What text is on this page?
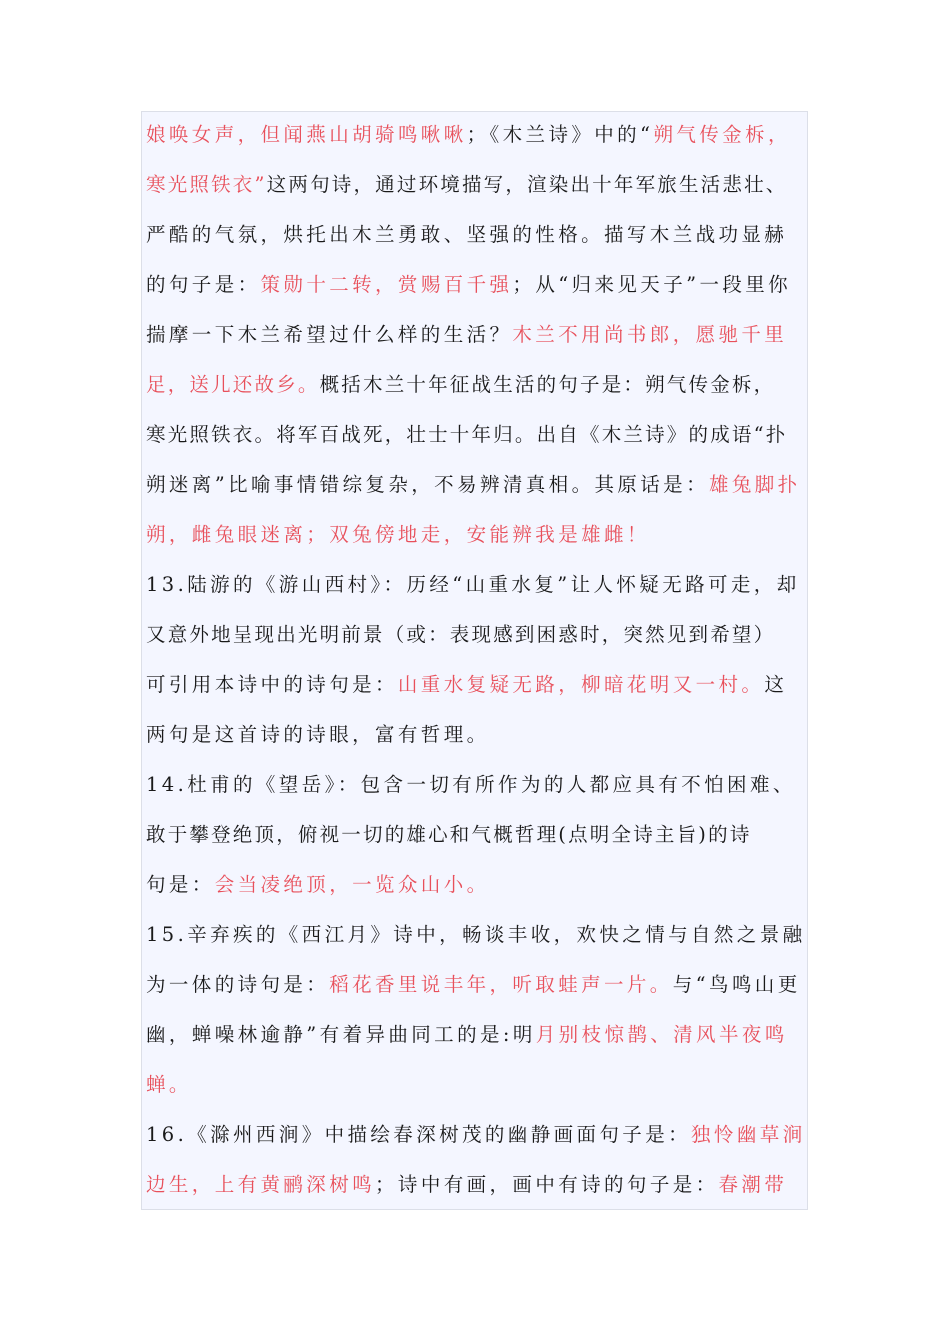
娘唤女声，但闻燕山胡骑鸣啾啾；《木兰诗》中的“朔气传金柝，
寒光照铁衣”这两句诗，通过环境描写，渲染出十年军旅生活悲壮、
严酷的气氛，烘托出木兰勇敢、坚强的性格。描写木兰战功显赫
的句子是：策勋十二转，赏赐百千强；从“归来见天子”一段里你
揣摩一下木兰希望过什么样的生活？木兰不用尚书郎，愿驰千里
足，送儿还故乡。概括木兰十年征战生活的句子是：朔气传金柝，
寒光照铁衣。将军百战死，壮士十年归。出自《木兰诗》的成语“扑
朔迷离”比喻事情错综复杂，不易辨清真相。其原话是：雄兔脚扑
朔，雌兔眼迷离；双兔傍地走，安能辨我是雄雌！
13.陆游的《游山西村》：历经“山重水复”让人怀疑无路可走，却
又意外地呈现出光明前景（或：表现感到困惑时，突然见到希望）
可引用本诗中的诗句是：山重水复疑无路，柳暗花明又一村。这
两句是这首诗的诗眼，富有哲理。
14.杜甫的《望岳》：包含一切有所作为的人都应具有不怕困难、
敢于攀登绝顶，俯视一切的雄心和气概哲理(点明全诗主旨)的诗
句是：会当凌绝顶，一览众山小。
15.辛弃疾的《西江月》诗中，畅谈丰收，欢快之情与自然之景融
为一体的诗句是：稻花香里说丰年，听取蛙声一片。与“鸟鸣山更
幽，蝉噪林逾静”有着异曲同工的是:明月别枝惊鹊、清风半夜鸣
蝉。
16.《滁州西涧》中描绘春深树茂的幽静画面句子是：独怜幽草涧
边生，上有黄鹂深树鸣；诗中有画，画中有诗的句子是：春潮带
